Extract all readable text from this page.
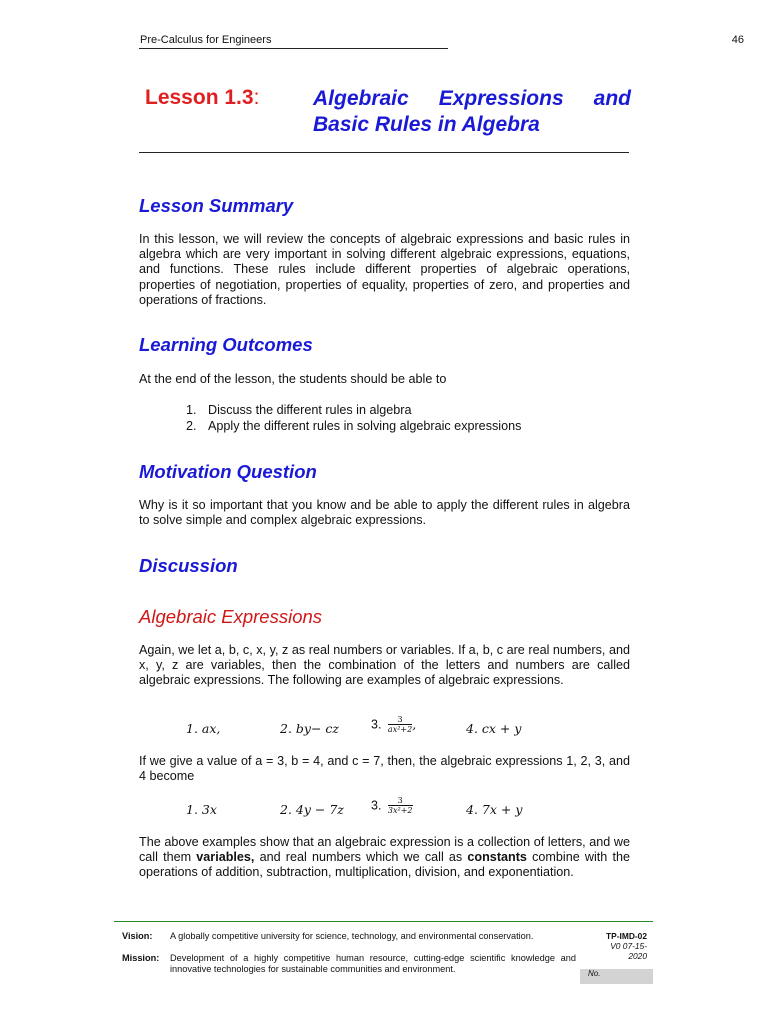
Pre-Calculus for Engineers	46
Lesson 1.3:	Algebraic Expressions and
Basic Rules in Algebra
Lesson Summary
In this lesson, we will review the concepts of algebraic expressions and basic rules in algebra which are very important in solving different algebraic expressions, equations, and functions. These rules include different properties of algebraic operations, properties of negotiation, properties of equality, properties of zero, and properties and operations of fractions.
Learning Outcomes
At the end of the lesson, the students should be able to
1. Discuss the different rules in algebra
2. Apply the different rules in solving algebraic expressions
Motivation Question
Why is it so important that you know and be able to apply the different rules in algebra to solve simple and complex algebraic expressions.
Discussion
Algebraic Expressions
Again, we let a, b, c, x, y, z as real numbers or variables. If a, b, c are real numbers, and x, y, z are variables, then the combination of the letters and numbers are called algebraic expressions. The following are examples of algebraic expressions.
1. ax,	2. by− cz	3. $\frac{3}{\text{ax²+2}}$ ,	4. cx + y
If we give a value of a = 3, b = 4, and c = 7, then, the algebraic expressions 1, 2, 3, and 4 become
1. 3x	2. 4y − 7z 3. $\frac{3}{\text{3x²+2}}$	4. 7x + y
The above examples show that an algebraic expression is a collection of letters, and we call them variables, and real numbers which we call as constants combine with the operations of addition, subtraction, multiplication, division, and exponentiation.
Vision: A globally competitive university for science, technology, and environmental conservation.
Mission: Development of a highly competitive human resource, cutting-edge scientific knowledge and innovative technologies for sustainable communities and environment.
TP-IMD-02
V0 07-15-2020
No.
